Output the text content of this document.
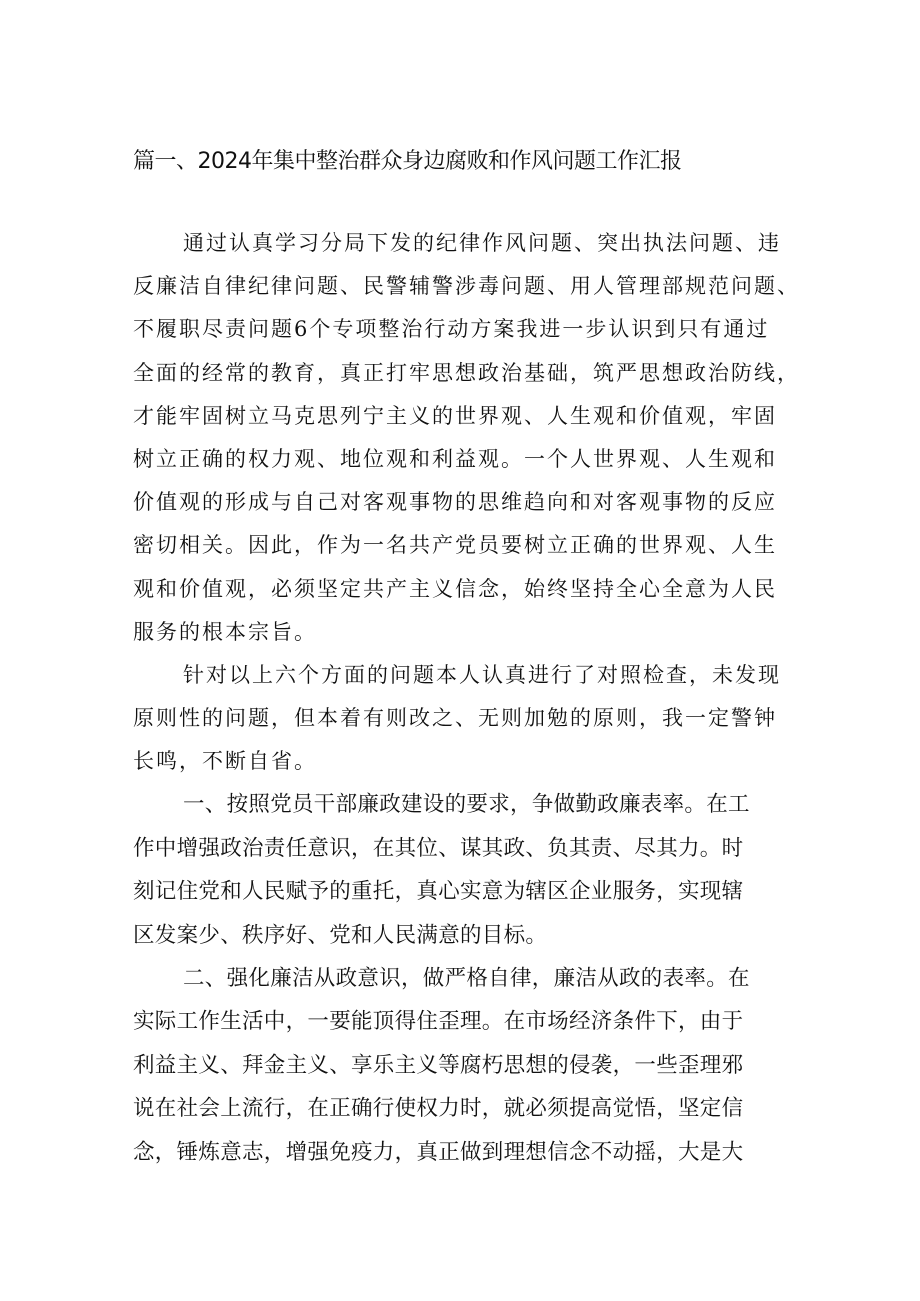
篇一、2024年集中整治群众身边腐败和作风问题工作汇报
通过认真学习分局下发的纪律作风问题、突出执法问题、违
反廉洁自律纪律问题、民警辅警涉毒问题、用人管理部规范问题、
不履职尽责问题6个专项整治行动方案我进一步认识到只有通过
全面的经常的教育，真正打牢思想政治基础，筑严思想政治防线，
才能牢固树立马克思列宁主义的世界观、人生观和价值观，牢固
树立正确的权力观、地位观和利益观。一个人世界观、人生观和
价值观的形成与自己对客观事物的思维趋向和对客观事物的反应
密切相关。因此，作为一名共产党员要树立正确的世界观、人生
观和价值观，必须坚定共产主义信念，始终坚持全心全意为人民
服务的根本宗旨。
针对以上六个方面的问题本人认真进行了对照检查，未发现
原则性的问题，但本着有则改之、无则加勉的原则，我一定警钟
长鸣，不断自省。
一、按照党员干部廉政建设的要求，争做勤政廉表率。在工
作中增强政治责任意识，在其位、谋其政、负其责、尽其力。时
刻记住党和人民赋予的重托，真心实意为辖区企业服务，实现辖
区发案少、秩序好、党和人民满意的目标。
二、强化廉洁从政意识，做严格自律，廉洁从政的表率。在
实际工作生活中，一要能顶得住歪理。在市场经济条件下，由于
利益主义、拜金主义、享乐主义等腐朽思想的侵袭，一些歪理邪
说在社会上流行，在正确行使权力时，就必须提高觉悟，坚定信
念，锤炼意志，增强免疫力，真正做到理想信念不动摇，大是大
